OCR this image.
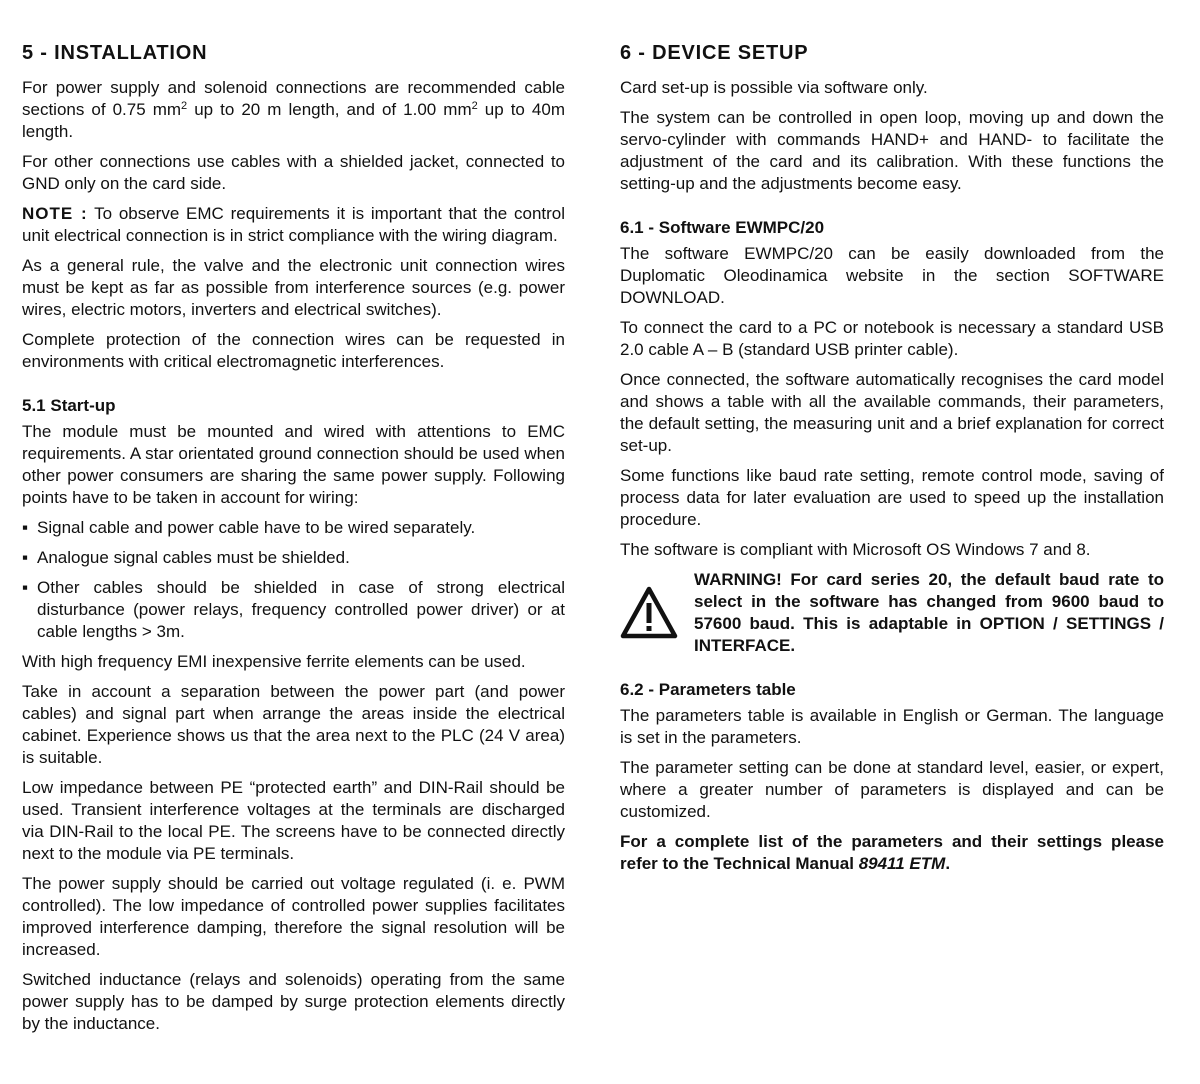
5 - INSTALLATION

For power supply and solenoid connections are recommended cable sections of 0.75 $mm^2$ up to 20 m length, and of 1.00 $mm^2$ up to 40m length.

For other connections use cables with a shielded jacket, connected to GND only on the card side.

NOTE : To observe EMC requirements it is important that the control unit electrical connection is in strict compliance with the wiring diagram.

As a general rule, the valve and the electronic unit connection wires must be kept as far as possible from interference sources (e.g. power wires, electric motors, inverters and electrical switches).

Complete protection of the connection wires can be requested in environments with critical electromagnetic interferences.

5.1 Start-up

The module must be mounted and wired with attentions to EMC requirements. A star orientated ground connection should be used when other power consumers are sharing the same power supply. Following points have to be taken in account for wiring:

▪ Signal cable and power cable have to be wired separately.
▪ Analogue signal cables must be shielded.
▪ Other cables should be shielded in case of strong electrical disturbance (power relays, frequency controlled power driver) or at cable lengths > 3m.

With high frequency EMI inexpensive ferrite elements can be used.

Take in account a separation between the power part (and power cables) and signal part when arrange the areas inside the electrical cabinet. Experience shows us that the area next to the PLC (24 V area) is suitable.

Low impedance between PE “protected earth” and DIN-Rail should be used. Transient interference voltages at the terminals are discharged via DIN-Rail to the local PE. The screens have to be connected directly next to the module via PE terminals.

The power supply should be carried out voltage regulated (i. e. PWM controlled). The low impedance of controlled power supplies facilitates improved interference damping, therefore the signal resolution will be increased.

Switched inductance (relays and solenoids) operating from the same power supply has to be damped by surge protection elements directly by the inductance.

6 - DEVICE SETUP

Card set-up is possible via software only.

The system can be controlled in open loop, moving up and down the servo-cylinder with commands HAND+ and HAND- to facilitate the adjustment of the card and its calibration. With these functions the setting-up and the adjustments become easy.

6.1 - Software EWMPC/20

The software EWMPC/20 can be easily downloaded from the Duplomatic Oleodinamica website in the section SOFTWARE DOWNLOAD.

To connect the card to a PC or notebook is necessary a standard USB 2.0 cable A – B (standard USB printer cable).

Once connected, the software automatically recognises the card model and shows a table with all the available commands, their parameters, the default setting, the measuring unit and a brief explanation for correct set-up.

Some functions like baud rate setting, remote control mode, saving of process data for later evaluation are used to speed up the installation procedure.

The software is compliant with Microsoft OS Windows 7 and 8.

WARNING! For card series 20, the default baud rate to select in the software has changed from 9600 baud to 57600 baud. This is adaptable in OPTION / SETTINGS / INTERFACE.
6.2 - Parameters table

The parameters table is available in English or German. The language is set in the parameters.

The parameter setting can be done at standard level, easier, or expert, where a greater number of parameters is displayed and can be customized.

For a complete list of the parameters and their settings please refer to the Technical Manual 89411 ETM.
